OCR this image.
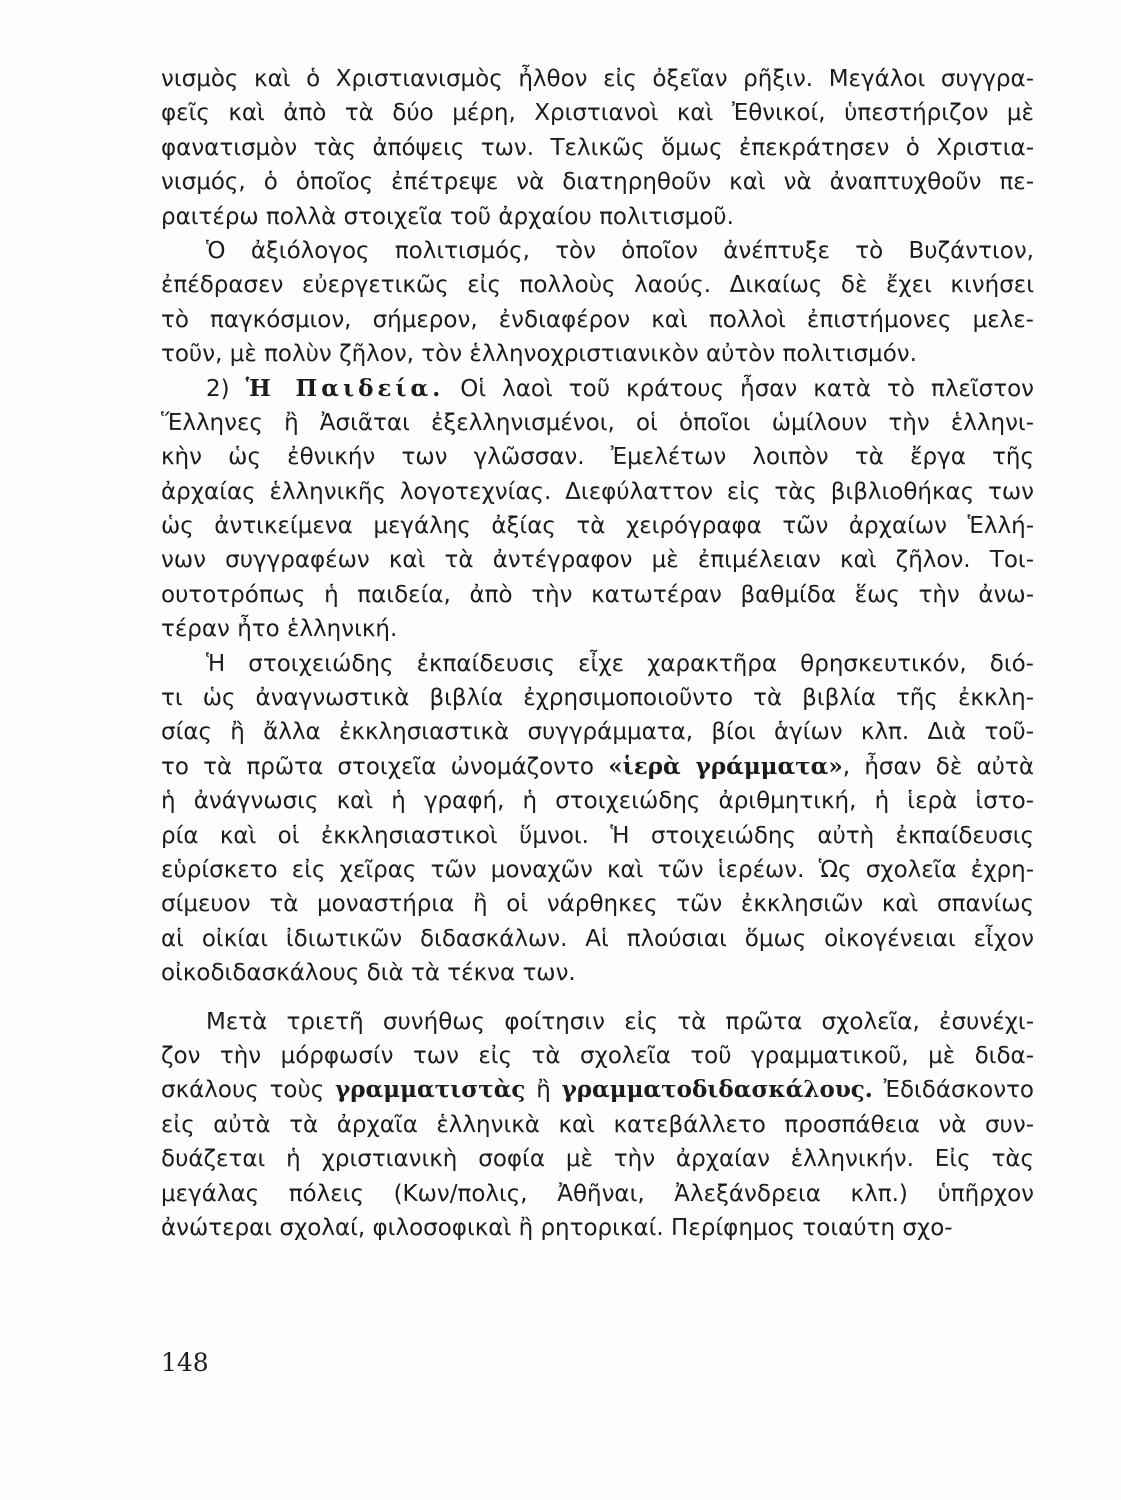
νισμὸς καὶ ὁ Χριστιανισμὸς ἦλθον εἰς ὀξεῖαν ρῆξιν. Μεγάλοι συγγρα-
φεῖς καὶ ἀπὸ τὰ δύο μέρη, Χριστιανοὶ καὶ Ἐθνικοί, ὑπεστήριζον μὲ
φανατισμὸν τὰς ἀπόψεις των. Τελικῶς ὅμως ἐπεκράτησεν ὁ Χριστια-
νισμός, ὁ ὁποῖος ἐπέτρεψε νὰ διατηρηθοῦν καὶ νὰ ἀναπτυχθοῦν πε-
ραιτέρω πολλὰ στοιχεῖα τοῦ ἀρχαίου πολιτισμοῦ.
Ὁ ἀξιόλογος πολιτισμός, τὸν ὁποῖον ἀνέπτυξε τὸ Βυζάντιον,
ἐπέδρασεν εὐεργετικῶς εἰς πολλοὺς λαούς. Δικαίως δὲ ἔχει κινήσει
τὸ παγκόσμιον, σήμερον, ἐνδιαφέρον καὶ πολλοὶ ἐπιστήμονες μελε-
τοῦν, μὲ πολὺν ζῆλον, τὸν ἑλληνοχριστιανικὸν αὐτὸν πολιτισμόν.
2) Ἡ Παιδεία. Οἱ λαοὶ τοῦ κράτους ἦσαν κατὰ τὸ πλεῖστον
Ἕλληνες ἢ Ἀσιᾶται ἐξελληνισμένοι, οἱ ὁποῖοι ὡμίλουν τὴν ἑλληνι-
κὴν ὡς ἐθνικήν των γλῶσσαν. Ἐμελέτων λοιπὸν τὰ ἔργα τῆς
ἀρχαίας ἑλληνικῆς λογοτεχνίας. Διεφύλαττον εἰς τὰς βιβλιοθήκας των
ὡς ἀντικείμενα μεγάλης ἀξίας τὰ χειρόγραφα τῶν ἀρχαίων Ἑλλή-
νων συγγραφέων καὶ τὰ ἀντέγραφον μὲ ἐπιμέλειαν καὶ ζῆλον. Τοι-
ουτοτρόπως ἡ παιδεία, ἀπὸ τὴν κατωτέραν βαθμίδα ἕως τὴν ἀνω-
τέραν ἦτο ἑλληνική.
Ἡ στοιχειώδης ἐκπαίδευσις εἶχε χαρακτῆρα θρησκευτικόν, διό-
τι ὡς ἀναγνωστικὰ βιβλία ἐχρησιμοποιοῦντο τὰ βιβλία τῆς ἐκκλη-
σίας ἢ ἄλλα ἐκκλησιαστικὰ συγγράμματα, βίοι ἁγίων κλπ. Διὰ τοῦ-
το τὰ πρῶτα στοιχεῖα ὠνομάζοντο «ἱερὰ γράμματα», ἦσαν δὲ αὐτὰ
ἡ ἀνάγνωσις καὶ ἡ γραφή, ἡ στοιχειώδης ἀριθμητική, ἡ ἱερὰ ἱστο-
ρία καὶ οἱ ἐκκλησιαστικοὶ ὕμνοι. Ἡ στοιχειώδης αὐτὴ ἐκπαίδευσις
εὑρίσκετο εἰς χεῖρας τῶν μοναχῶν καὶ τῶν ἱερέων. Ὡς σχολεῖα ἐχρη-
σίμευον τὰ μοναστήρια ἢ οἱ νάρθηκες τῶν ἐκκλησιῶν καὶ σπανίως
αἱ οἰκίαι ἰδιωτικῶν διδασκάλων. Αἱ πλούσιαι ὅμως οἰκογένειαι εἶχον
οἰκοδιδασκάλους διὰ τὰ τέκνα των.
Μετὰ τριετῆ συνήθως φοίτησιν εἰς τὰ πρῶτα σχολεῖα, ἐσυνέχι-
ζον τὴν μόρφωσίν των εἰς τὰ σχολεῖα τοῦ γραμματικοῦ, μὲ διδα-
σκάλους τοὺς γραμματιστὰς ἢ γραμματοδιδασκάλους. Ἐδιδάσκοντο
εἰς αὐτὰ τὰ ἀρχαῖα ἑλληνικὰ καὶ κατεβάλλετο προσπάθεια νὰ συν-
δυάζεται ἡ χριστιανικὴ σοφία μὲ τὴν ἀρχαίαν ἑλληνικήν. Εἰς τὰς
μεγάλας πόλεις (Κων/πολις, Ἀθῆναι, Ἀλεξάνδρεια κλπ.) ὑπῆρχον
ἀνώτεραι σχολαί, φιλοσοφικαὶ ἢ ρητορικαί. Περίφημος τοιαύτη σχο-
148
